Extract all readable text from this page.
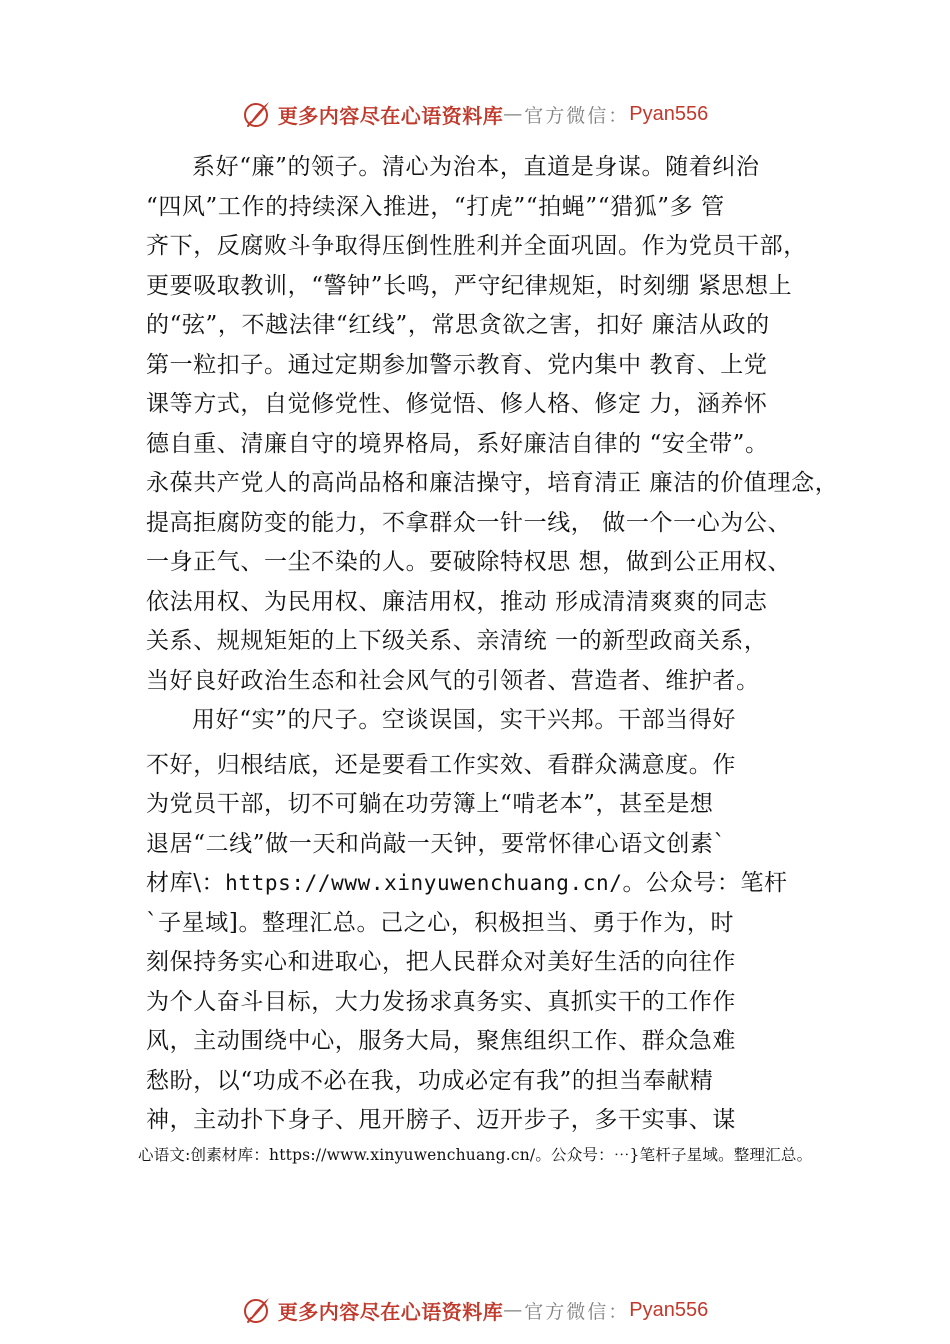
更多内容尽在心语资料库 — 官方微信： Pyan556
系好“廉”的领子。清心为治本，直道是身谋。随着纠治
“四风”工作的持续深入推进，“打虎”“拍蝇”“猎狐”多 管
齐下，反腐败斗争取得压倒性胜利并全面巩固。作为党员干部，
更要吸取教训，“警钟”长鸣，严守纪律规矩，时刻绷 紧思想上
的“弦”，不越法律“红线”，常思贪欲之害，扣好 廉洁从政的
第一粒扣子。通过定期参加警示教育、党内集中 教育、上党
课等方式，自觉修党性、修觉悟、修人格、修定 力，涵养怀
德自重、清廉自守的境界格局，系好廉洁自律的 “安全带”。
永葆共产党人的高尚品格和廉洁操守，培育清正 廉洁的价值理念，
提高拒腐防变的能力，不拿群众一针一线， 做一个一心为公、
一身正气、一尘不染的人。要破除特权思 想，做到公正用权、
依法用权、为民用权、廉洁用权，推动 形成清清爽爽的同志
关系、规规矩矩的上下级关系、亲清统 一的新型政商关系，
当好良好政治生态和社会风气的引领者、营造者、维护者。
用好“实”的尺子。空谈误国，实干兴邦。干部当得好
不好，归根结底，还是要看工作实效、看群众满意度。作
为党员干部，切不可躺在功劳簿上“啃老本”，甚至是想
退居“二线”做一天和尚敲一天钟，要常怀律心语文创素`
材库\：https://www.xinyuwenchuang.cn/。公众号：笔杆
`子星域]。整理汇总。己之心，积极担当、勇于作为，时
刻保持务实心和进取心，把人民群众对美好生活的向往作
为个人奋斗目标，大力发扬求真务实、真抓实干的工作作
风，主动围绕中心，服务大局，聚焦组织工作、群众急难
愁盼，以“功成不必在我，功成必定有我”的担当奉献精
神，主动扑下身子、甩开膀子、迈开步子，多干实事、谋
心语文:创素材库：https://www.xinyuwenchuang.cn/。公众号：⋯}笔杆子星域。整理汇总。
更多内容尽在心语资料库 — 官方微信： Pyan556
